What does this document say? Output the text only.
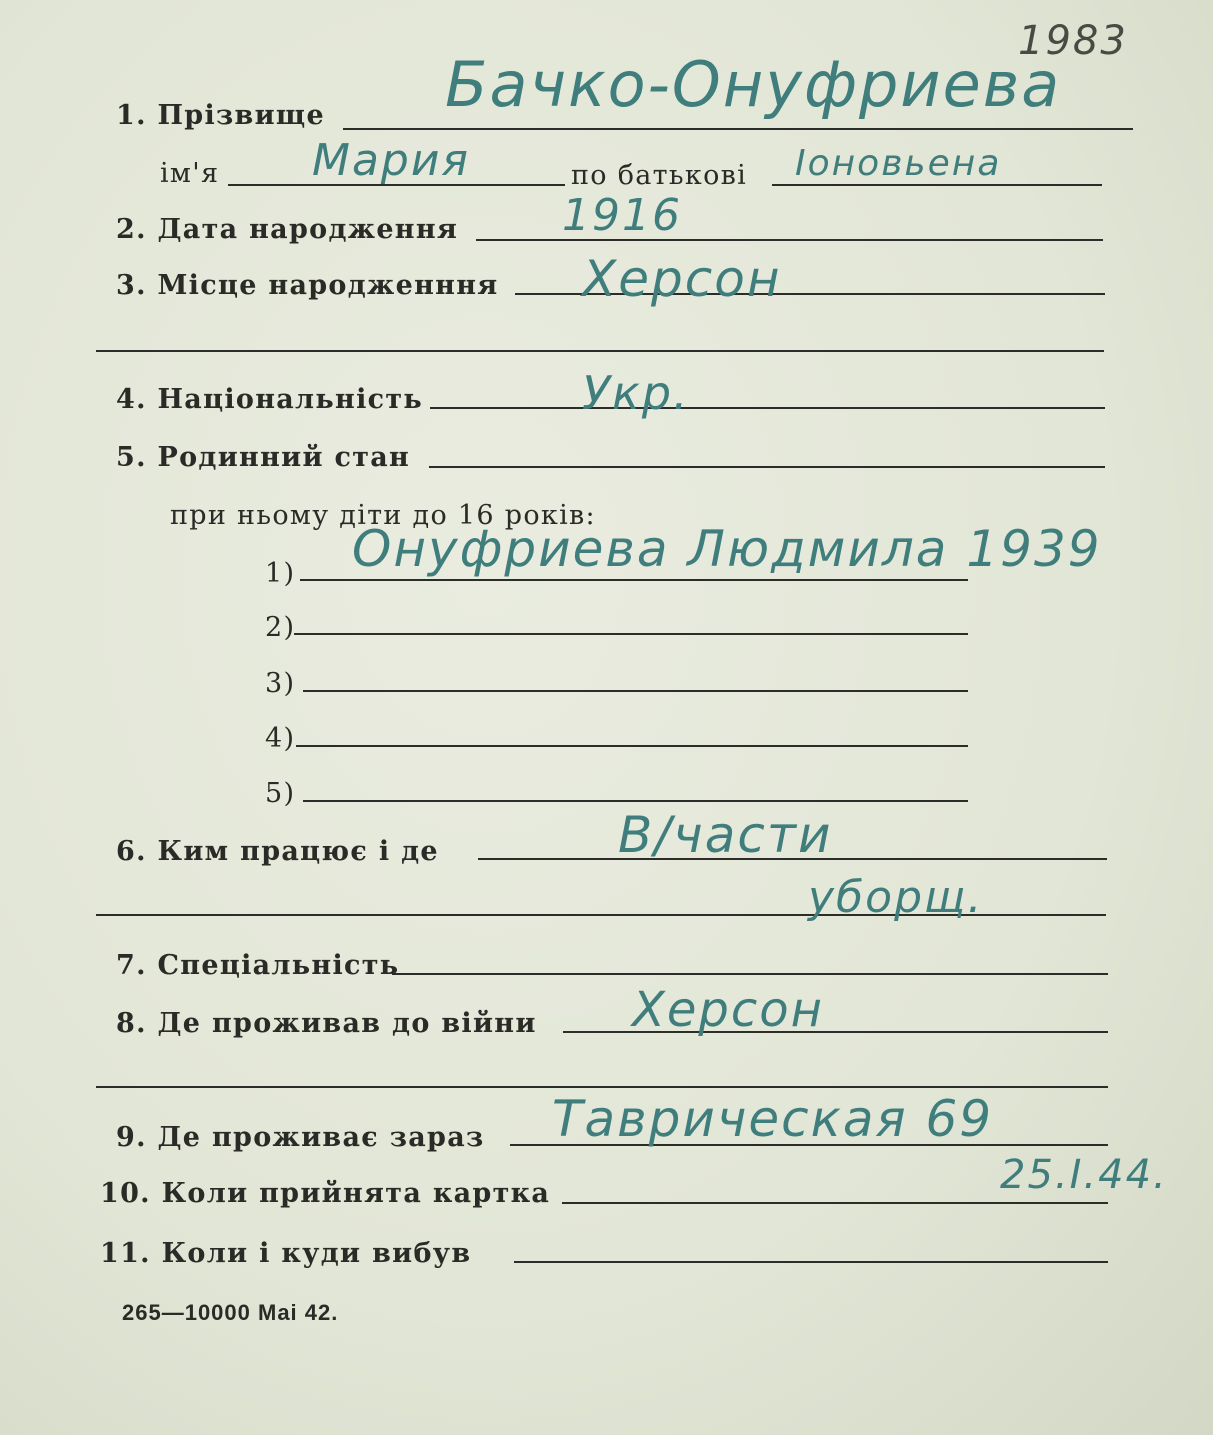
1983
1. Прізвище Бачко-Онуфриева
ім'я Мария	по батькові Ioнoвьeнa
2. Дата народження 1916
3. Місце народженння Херсон
4. Національність	Укр.
5. Родинний стан
при ньому діти до 16 років:
1) Онуфриева Людмила 1939
2)
3)
4)
5)
6. Ким працює і де	В/части
уборщ.
7. Спеціальність
8. Де проживав до війни Херсон
9. Де проживає зараз Таврическая 69
10. Коли прийнята картка	25.I.44.
11. Коли і куди вибув
265—10000 Mai 42.
